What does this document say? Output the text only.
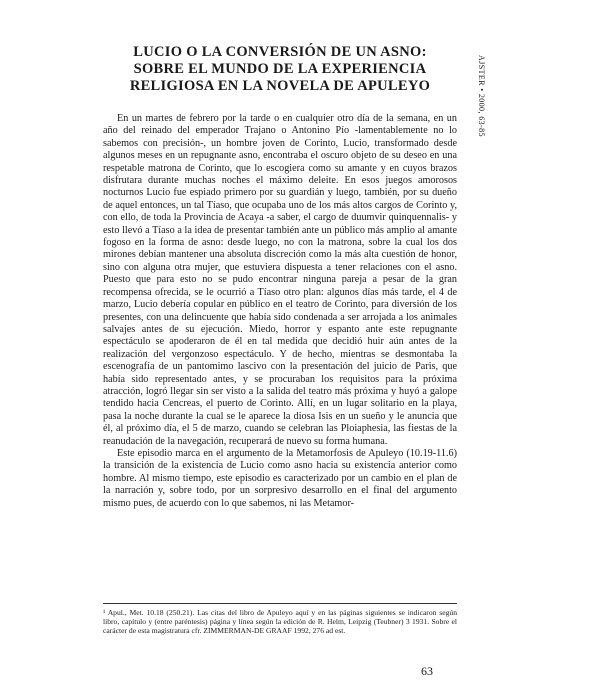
LUCIO O LA CONVERSIÓN DE UN ASNO:
SOBRE EL MUNDO DE LA EXPERIENCIA
RELIGIOSA EN LA NOVELA DE APULEYO	AJSTER • 2000, 63-85

En un martes de febrero por la tarde o en cualquier otro día de la semana, en un año del reinado del emperador Trajano o Antonino Pío -lamentablemente no lo sabemos con precisión-, un hombre joven de Corinto, Lucio, transformado desde algunos meses en un repugnante asno, encontraba el oscuro objeto de su deseo en una respetable matrona de Corinto, que lo escogiera como su amante y en cuyos brazos disfrutara durante muchas noches el máximo deleite. En esos juegos amorosos nocturnos Lucio fue espiado primero por su guardián y luego, también, por su dueño de aquel entonces, un tal Tíaso, que ocupaba uno de los más altos cargos de Corinto y, con ello, de toda la Provincia de Acaya -a saber, el cargo de duumvir quinquennalis- y esto llevó a Tíaso a la idea de presentar también ante un público más amplio al amante fogoso en la forma de asno: desde luego, no con la matrona, sobre la cual los dos mirones debían mantener una absoluta discreción como la más alta cuestión de honor, sino con alguna otra mujer, que estuviera dispuesta a tener relaciones con el asno. Puesto que para esto no se pudo encontrar ninguna pareja a pesar de la gran recompensa ofrecida, se le ocurrió a Tíaso otro plan: algunos días más tarde, el 4 de marzo, Lucio debería copular en público en el teatro de Corinto, para diversión de los presentes, con una delincuente que había sido condenada a ser arrojada a los animales salvajes antes de su ejecución. Miedo, horror y espanto ante este repugnante espectáculo se apoderaron de él en tal medida que decidió huir aún antes de la realización del vergonzoso espectáculo. Y de hecho, mientras se desmontaba la escenografía de un pantomimo lascivo con la presentación del juicio de Paris, que había sido representado antes, y se procuraban los requisitos para la próxima atracción, logró llegar sin ser visto a la salida del teatro más próxima y huyó a galope tendido hacia Cencreas, el puerto de Corinto. Allí, en un lugar solitario en la playa, pasa la noche durante la cual se le aparece la diosa Isis en un sueño y le anuncia que él, al próximo día, el 5 de marzo, cuando se celebran las Ploiaphesia, las fiestas de la reanudación de la navegación, recuperará de nuevo su forma humana.

Este episodio marca en el argumento de la Metamorfosis de Apuleyo (10.19-11.6) la transición de la existencia de Lucio como asno hacia su existencia anterior como hombre. Al mismo tiempo, este episodio es caracterizado por un cambio en el plan de la narración y, sobre todo, por un sorpresivo desarrollo en el final del argumento mismo pues, de acuerdo con lo que sabemos, ni las Metamor-

¹ Apul., Met. 10.18 (250.21). Las citas del libro de Apuleyo aquí y en las páginas siguientes se indicaron según libro, capítulo y (entre paréntesis) página y línea según la edición de R. Helm, Leipzig (Teubner) 3 1931. Sobre el carácter de esta magistratura cfr. ZIMMERMAN-DE GRAAF 1992, 276 ad est.
63
